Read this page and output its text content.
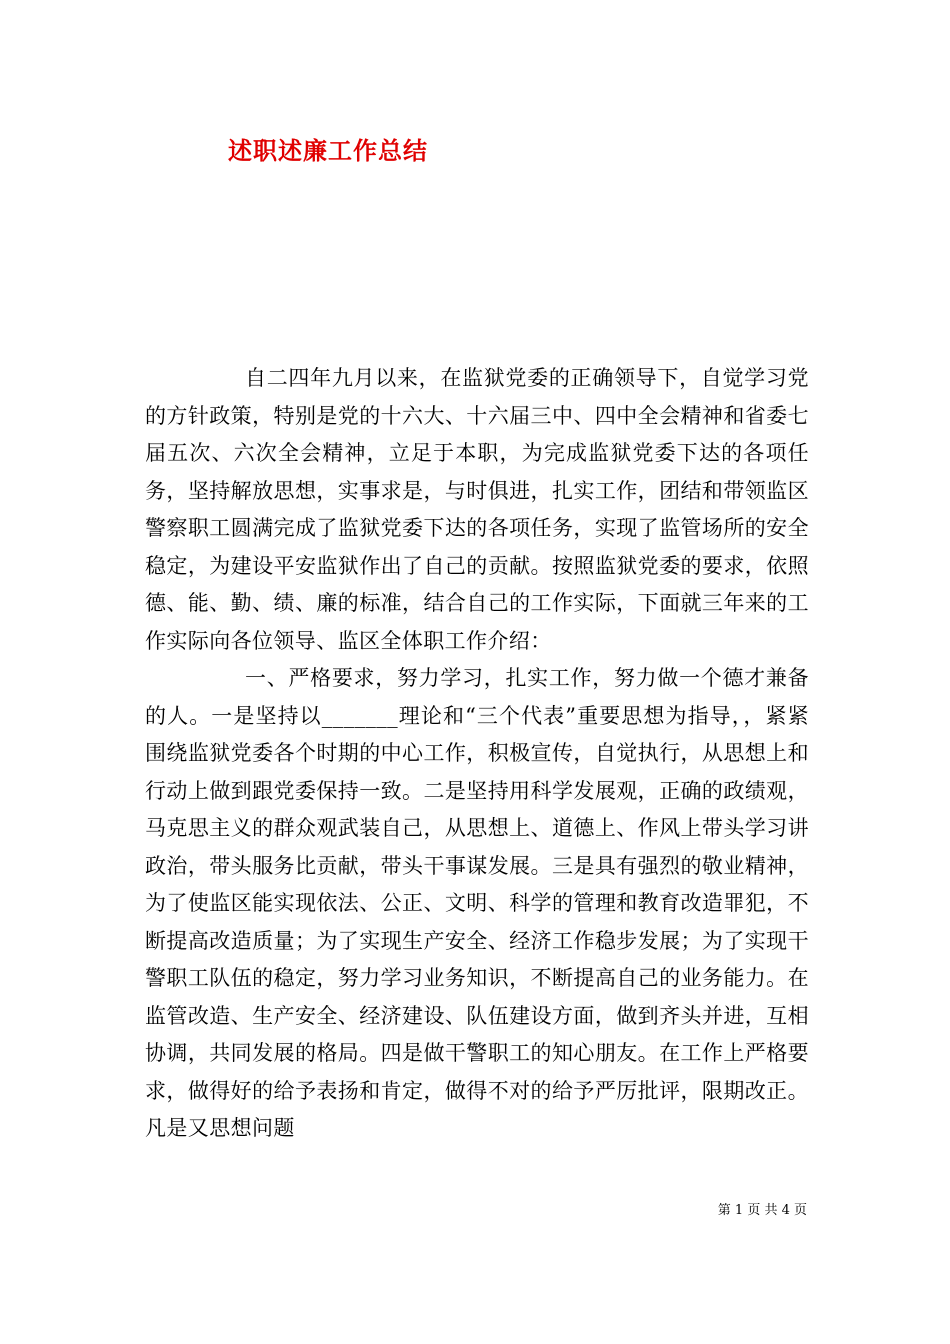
述职述廉工作总结

自二四年九月以来，在监狱党委的正确领导下，自觉学习党的方针政策，特别是党的十六大、十六届三中、四中全会精神和省委七届五次、六次全会精神，立足于本职，为完成监狱党委下达的各项任务，坚持解放思想，实事求是，与时俱进，扎实工作，团结和带领监区警察职工圆满完成了监狱党委下达的各项任务，实现了监管场所的安全稳定，为建设平安监狱作出了自己的贡献。按照监狱党委的要求，依照德、能、勤、绩、廉的标准，结合自己的工作实际，下面就三年来的工作实际向各位领导、监区全体职工作介绍：

一、严格要求，努力学习，扎实工作，努力做一个德才兼备的人。一是坚持以_______理论和“三个代表”重要思想为指导，，紧紧围绕监狱党委各个时期的中心工作，积极宣传，自觉执行，从思想上和行动上做到跟党委保持一致。二是坚持用科学发展观，正确的政绩观，马克思主义的群众观武装自己，从思想上、道德上、作风上带头学习讲政治，带头服务比贡献，带头干事谋发展。三是具有强烈的敬业精神，为了使监区能实现依法、公正、文明、科学的管理和教育改造罪犯，不断提高改造质量；为了实现生产安全、经济工作稳步发展；为了实现干警职工队伍的稳定，努力学习业务知识，不断提高自己的业务能力。在监管改造、生产安全、经济建设、队伍建设方面，做到齐头并进，互相协调，共同发展的格局。四是做干警职工的知心朋友。在工作上严格要求，做得好的给予表扬和肯定，做得不对的给予严厉批评，限期改正。凡是又思想问题

第 1 页 共 4 页
